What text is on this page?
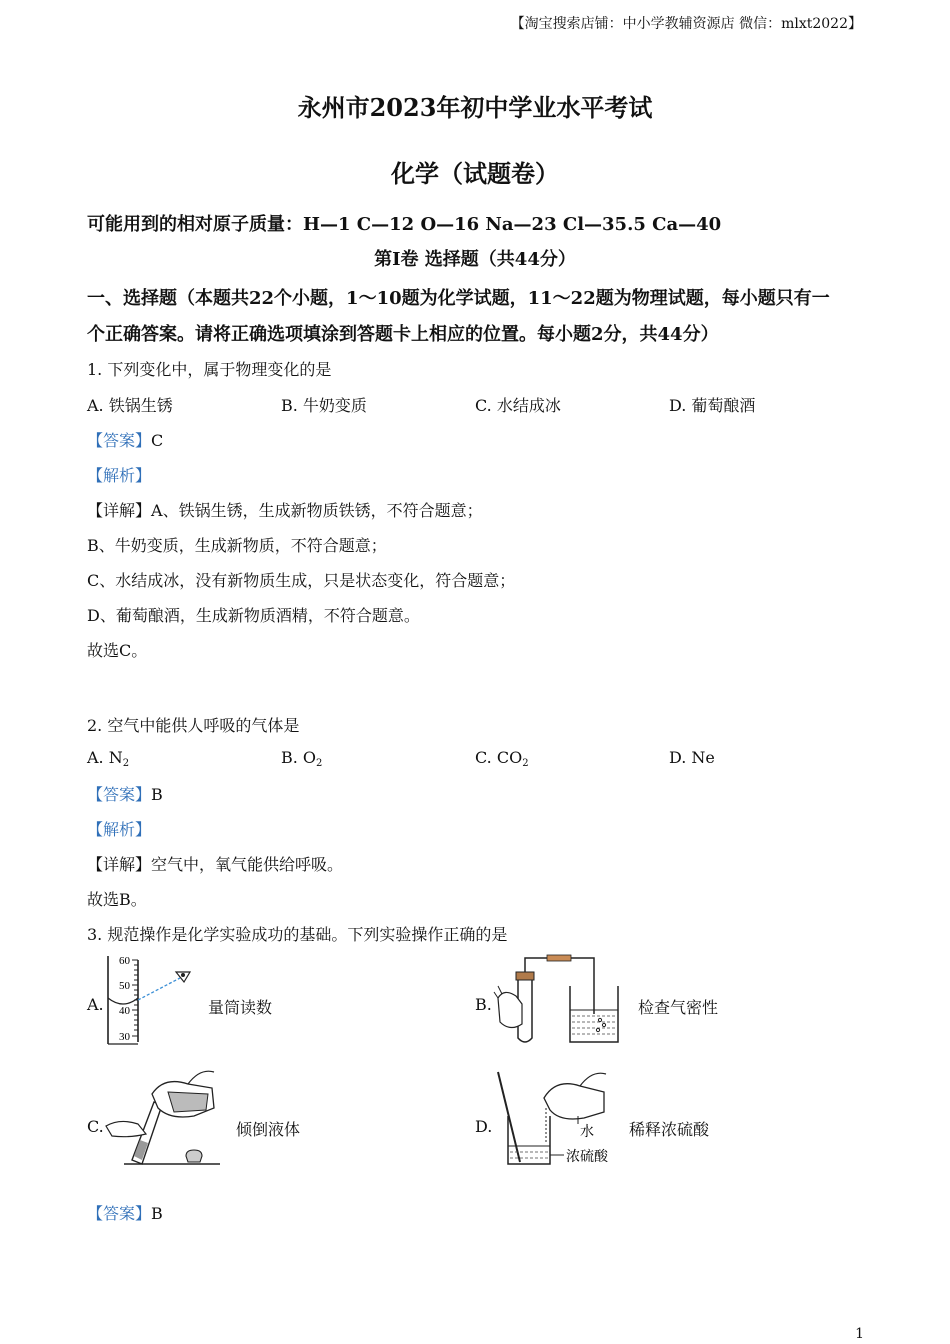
【淘宝搜索店铺：中小学教辅资源店 微信：mlxt2022】
永州市2023年初中学业水平考试
化学（试题卷）
可能用到的相对原子质量：H—1 C—12 O—16 Na—23 Cl—35.5 Ca—40
第Ⅰ卷 选择题（共44分）
一、选择题（本题共22个小题，1～10题为化学试题，11～22题为物理试题，每小题只有一
个正确答案。请将正确选项填涂到答题卡上相应的位置。每小题2分，共44分）
1. 下列变化中，属于物理变化的是
A. 铁锅生锈	B. 牛奶变质	C. 水结成冰	D. 葡萄酿酒
【答案】C
【解析】
【详解】A、铁锅生锈，生成新物质铁锈，不符合题意；
B、牛奶变质，生成新物质，不符合题意；
C、水结成冰，没有新物质生成，只是状态变化，符合题意；
D、葡萄酿酒，生成新物质酒精，不符合题意。
故选C。
2. 空气中能供人呼吸的气体是
A. $N_2$	B. $O_2$	C. $CO_2$	D. Ne
【答案】B
【解析】
【详解】空气中，氧气能供给呼吸。
故选B。
3. 规范操作是化学实验成功的基础。下列实验操作正确的是
A.
60
50
40
30
量筒读数	B.	检查气密性
C.	倾倒液体	D.	水
浓硫酸
稀释浓硫酸
【答案】B
1
